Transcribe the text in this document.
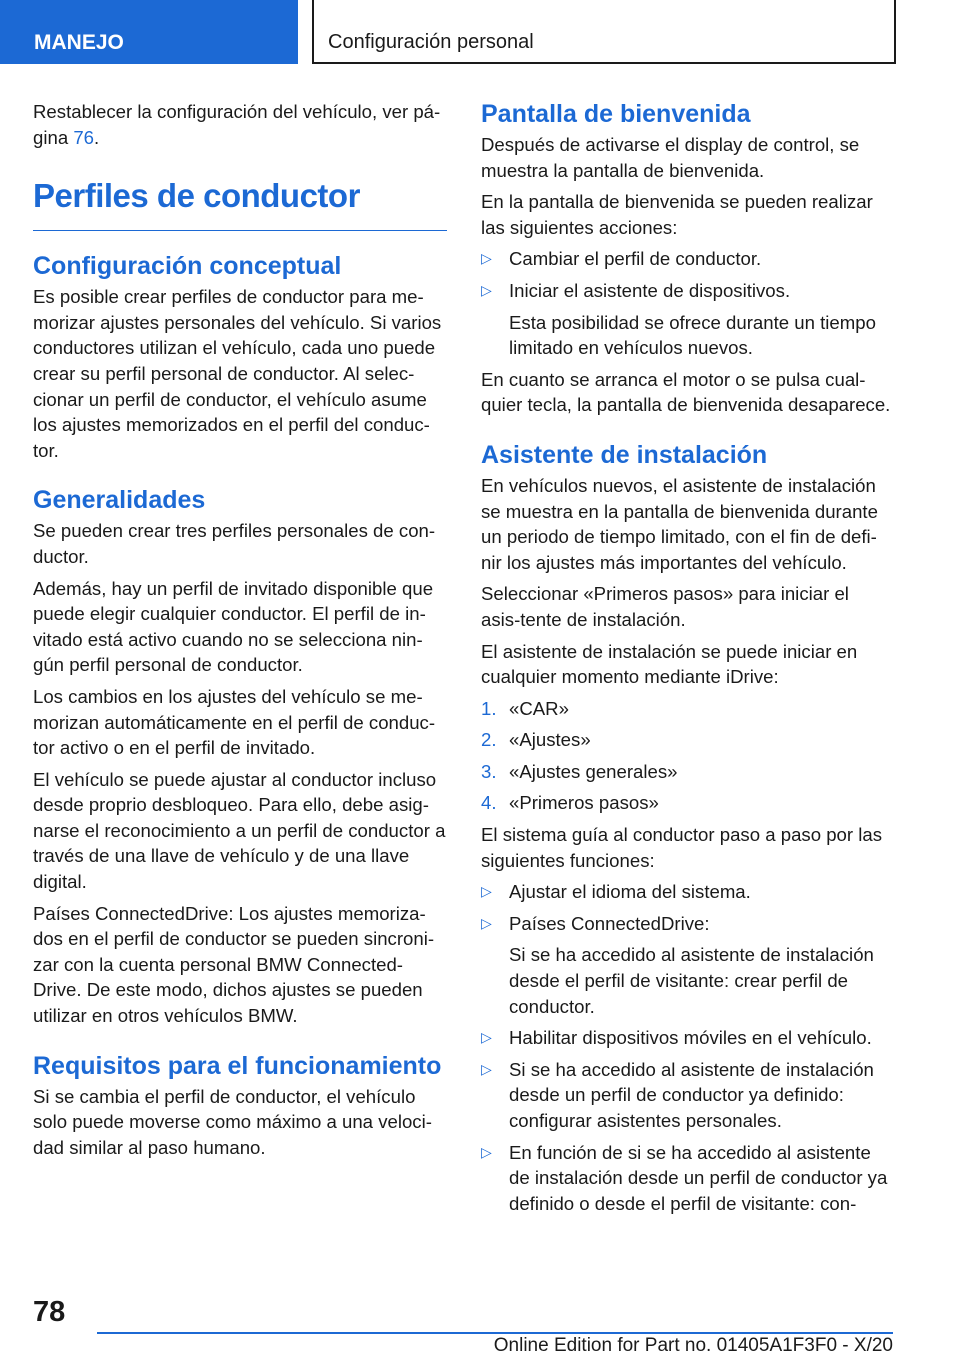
MANEJO	Configuración personal

Restablecer la configuración del vehículo, ver pá-gina 76.

Perfiles de conductor
Configuración conceptual

Es posible crear perfiles de conductor para me-morizar ajustes personales del vehículo. Si varios conductores utilizan el vehículo, cada uno puede crear su perfil personal de conductor. Al selec-cionar un perfil de conductor, el vehículo asume los ajustes memorizados en el perfil del conduc-tor.

Generalidades

Se pueden crear tres perfiles personales de con-ductor.

Además, hay un perfil de invitado disponible que puede elegir cualquier conductor. El perfil de in-vitado está activo cuando no se selecciona nin-gún perfil personal de conductor.

Los cambios en los ajustes del vehículo se me-morizan automáticamente en el perfil de conduc-tor activo o en el perfil de invitado.

El vehículo se puede ajustar al conductor incluso desde proprio desbloqueo. Para ello, debe asig-narse el reconocimiento a un perfil de conductor a través de una llave de vehículo y de una llave digital.

Países ConnectedDrive: Los ajustes memoriza-dos en el perfil de conductor se pueden sincroni-zar con la cuenta personal BMW Connected-Drive. De este modo, dichos ajustes se pueden utilizar en otros vehículos BMW.

Requisitos para el funcionamiento

Si se cambia el perfil de conductor, el vehículo solo puede moverse como máximo a una veloci-dad similar al paso humano.

Pantalla de bienvenida

Después de activarse el display de control, se muestra la pantalla de bienvenida.

En la pantalla de bienvenida se pueden realizar las siguientes acciones:

▷ Cambiar el perfil de conductor.
▷ Iniciar el asistente de dispositivos.
Esta posibilidad se ofrece durante un tiempo limitado en vehículos nuevos.

En cuanto se arranca el motor o se pulsa cual-quier tecla, la pantalla de bienvenida desaparece.

Asistente de instalación

En vehículos nuevos, el asistente de instalación se muestra en la pantalla de bienvenida durante un periodo de tiempo limitado, con el fin de defi-nir los ajustes más importantes del vehículo.

Seleccionar «Primeros pasos» para iniciar el asis-tente de instalación.

El asistente de instalación se puede iniciar en cualquier momento mediante iDrive:

1. «CAR»
2. «Ajustes»
3. «Ajustes generales»
4. «Primeros pasos»

El sistema guía al conductor paso a paso por las siguientes funciones:

▷ Ajustar el idioma del sistema.
▷ Países ConnectedDrive:
Si se ha accedido al asistente de instalación desde el perfil de visitante: crear perfil de conductor.
▷ Habilitar dispositivos móviles en el vehículo.
▷ Si se ha accedido al asistente de instalación desde un perfil de conductor ya definido: configurar asistentes personales.
▷ En función de si se ha accedido al asistente de instalación desde un perfil de conductor ya definido o desde el perfil de visitante: con-
78
Online Edition for Part no. 01405A1F3F0 - X/20
